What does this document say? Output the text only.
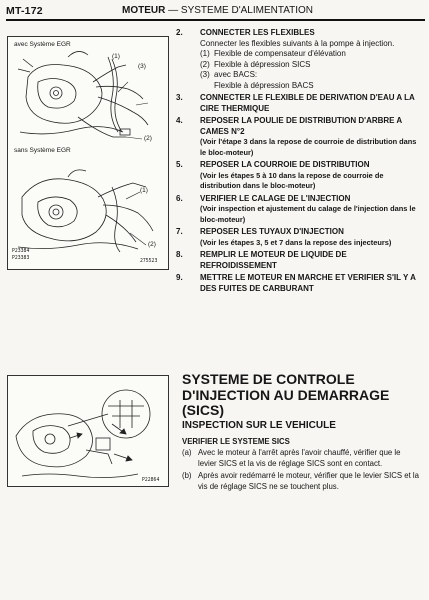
MT-172	MOTEUR — SYSTEME D'ALIMENTATION
avec Système EGR
sans Système EGR
(1)
(3)
(2)
(1)
(2)
P23384
P23383
275523
2. CONNECTER LES FLEXIBLES
Connecter les flexibles suivants à la pompe à injection.
(1) Flexible de compensateur d'élévation
(2) Flexible à dépression SICS
(3) avec BACS:
Flexible à dépression BACS
3. CONNECTER LE FLEXIBLE DE DERIVATION D'EAU A LA CIRE THERMIQUE
4. REPOSER LA POULIE DE DISTRIBUTION D'ARBRE A CAMES N°2
(Voir l'étape 3 dans la repose de courroie de distribution dans le bloc-moteur)
5. REPOSER LA COURROIE DE DISTRIBUTION
(Voir les étapes 5 à 10 dans la repose de courroie de distribution dans le bloc-moteur)
6. VERIFIER LE CALAGE DE L'INJECTION
(Voir inspection et ajustement du calage de l'injection dans le bloc-moteur)
7. REPOSER LES TUYAUX D'INJECTION
(Voir les étapes 3, 5 et 7 dans la repose des injecteurs)
8. REMPLIR LE MOTEUR DE LIQUIDE DE REFROIDISSEMENT
9. METTRE LE MOTEUR EN MARCHE ET VERIFIER S'IL Y A DES FUITES DE CARBURANT
P22864
SYSTEME DE CONTROLE
D'INJECTION AU DEMARRAGE
(SICS)
INSPECTION SUR LE VEHICULE
VERIFIER LE SYSTEME SICS
(a) Avec le moteur à l'arrêt après l'avoir chauffé, vérifier que le levier SICS et la vis de réglage SICS sont en contact.
(b) Après avoir redémarré le moteur, vérifier que le levier SICS et la vis de réglage SICS ne se touchent plus.
